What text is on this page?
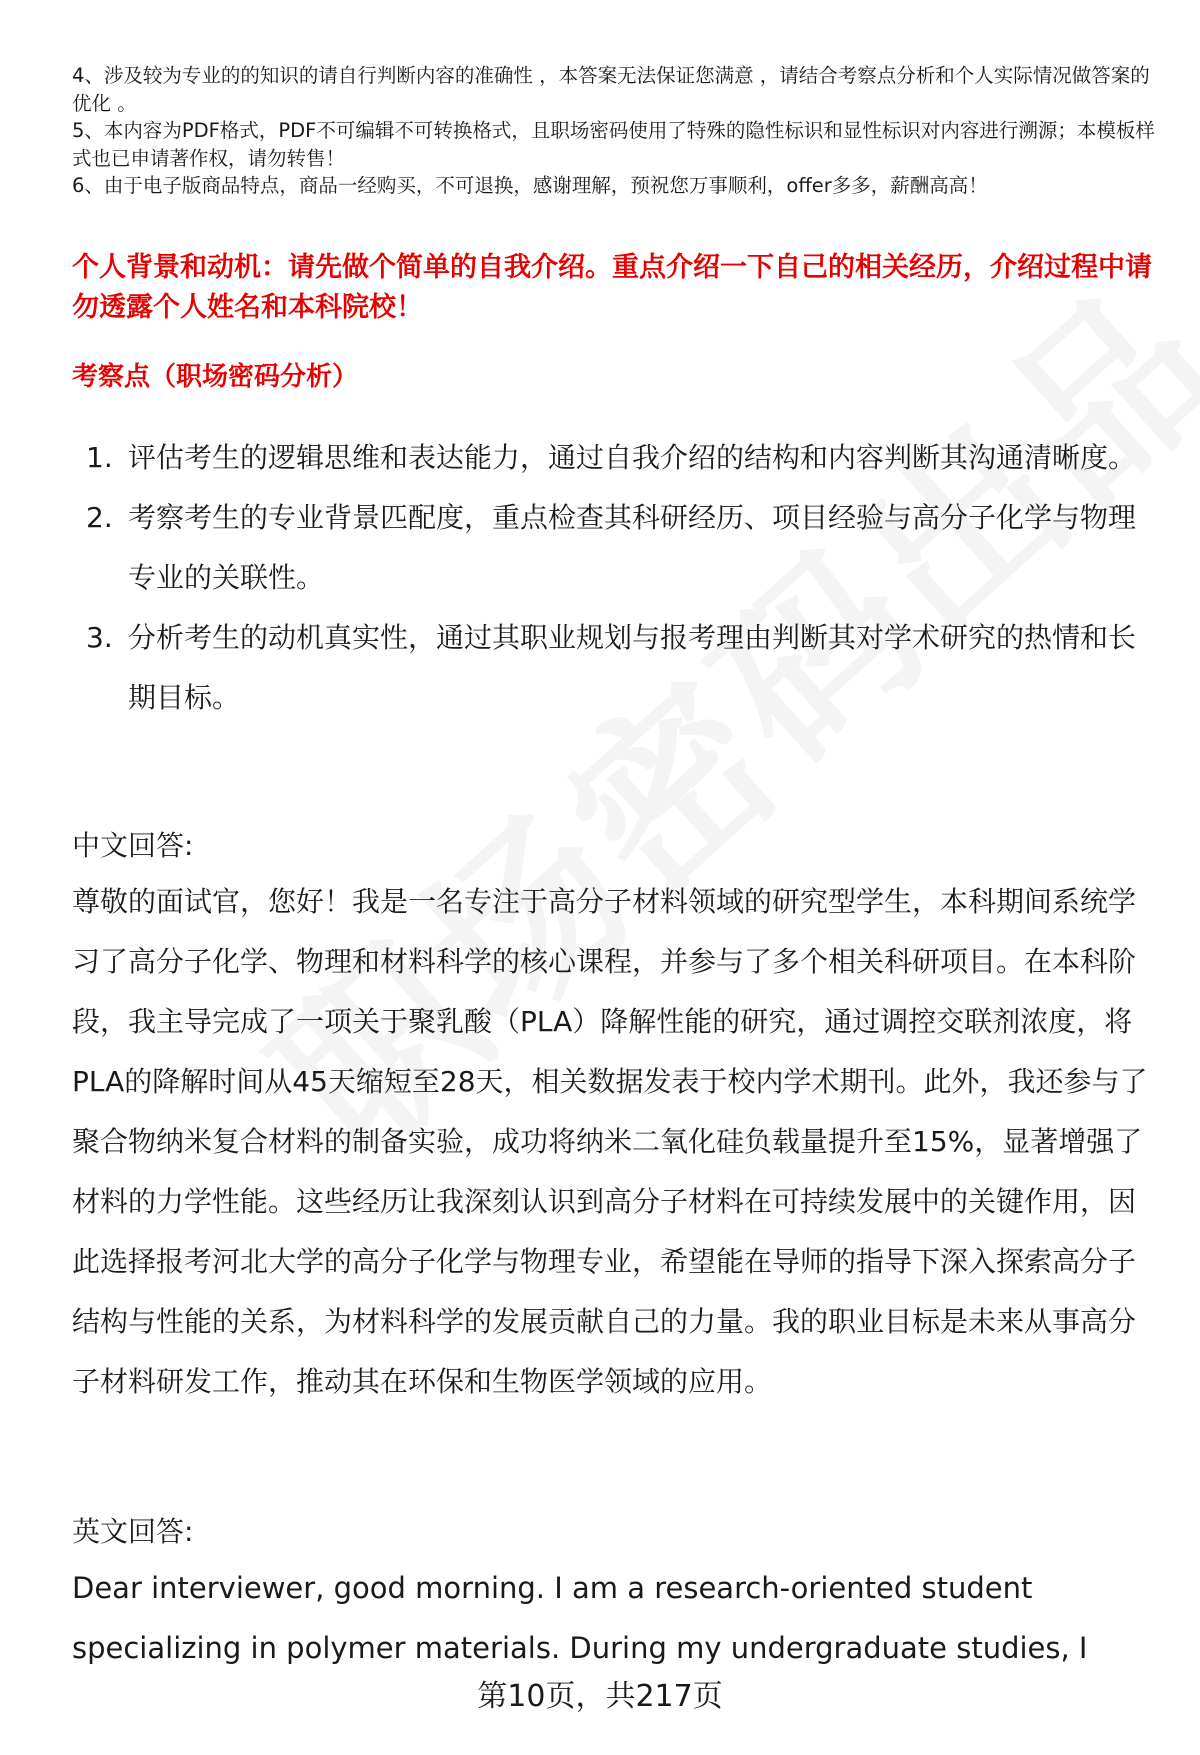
4、涉及较为专业的的知识的请自行判断内容的准确性 ，本答案无法保证您满意 ，请结合考察点分析和个人实际情况做答案的优化 。

5、本内容为PDF格式，PDF不可编辑不可转换格式，且职场密码使用了特殊的隐性标识和显性标识对内容进行溯源；本模板样式也已申请著作权，请勿转售！

6、由于电子版商品特点，商品一经购买，不可退换，感谢理解，预祝您万事顺利，offer多多，薪酬高高！

个人背景和动机：请先做个简单的自我介绍。重点介绍一下自己的相关经历，介绍过程中请勿透露个人姓名和本科院校！

考察点（职场密码分析）

1. 评估考生的逻辑思维和表达能力，通过自我介绍的结构和内容判断其沟通清晰度。
2. 考察考生的专业背景匹配度，重点检查其科研经历、项目经验与高分子化学与物理专业的关联性。
3. 分析考生的动机真实性，通过其职业规划与报考理由判断其对学术研究的热情和长期目标。

中文回答:

尊敬的面试官，您好！我是一名专注于高分子材料领域的研究型学生，本科期间系统学习了高分子化学、物理和材料科学的核心课程，并参与了多个相关科研项目。在本科阶段，我主导完成了一项关于聚乳酸（PLA）降解性能的研究，通过调控交联剂浓度，将PLA的降解时间从45天缩短至28天，相关数据发表于校内学术期刊。此外，我还参与了聚合物纳米复合材料的制备实验，成功将纳米二氧化硅负载量提升至15%，显著增强了材料的力学性能。这些经历让我深刻认识到高分子材料在可持续发展中的关键作用，因此选择报考河北大学的高分子化学与物理专业，希望能在导师的指导下深入探索高分子结构与性能的关系，为材料科学的发展贡献自己的力量。我的职业目标是未来从事高分子材料研发工作，推动其在环保和生物医学领域的应用。

英文回答:

Dear interviewer, good morning. I am a research-oriented student specializing in polymer materials. During my undergraduate studies, I

第10页，共217页
